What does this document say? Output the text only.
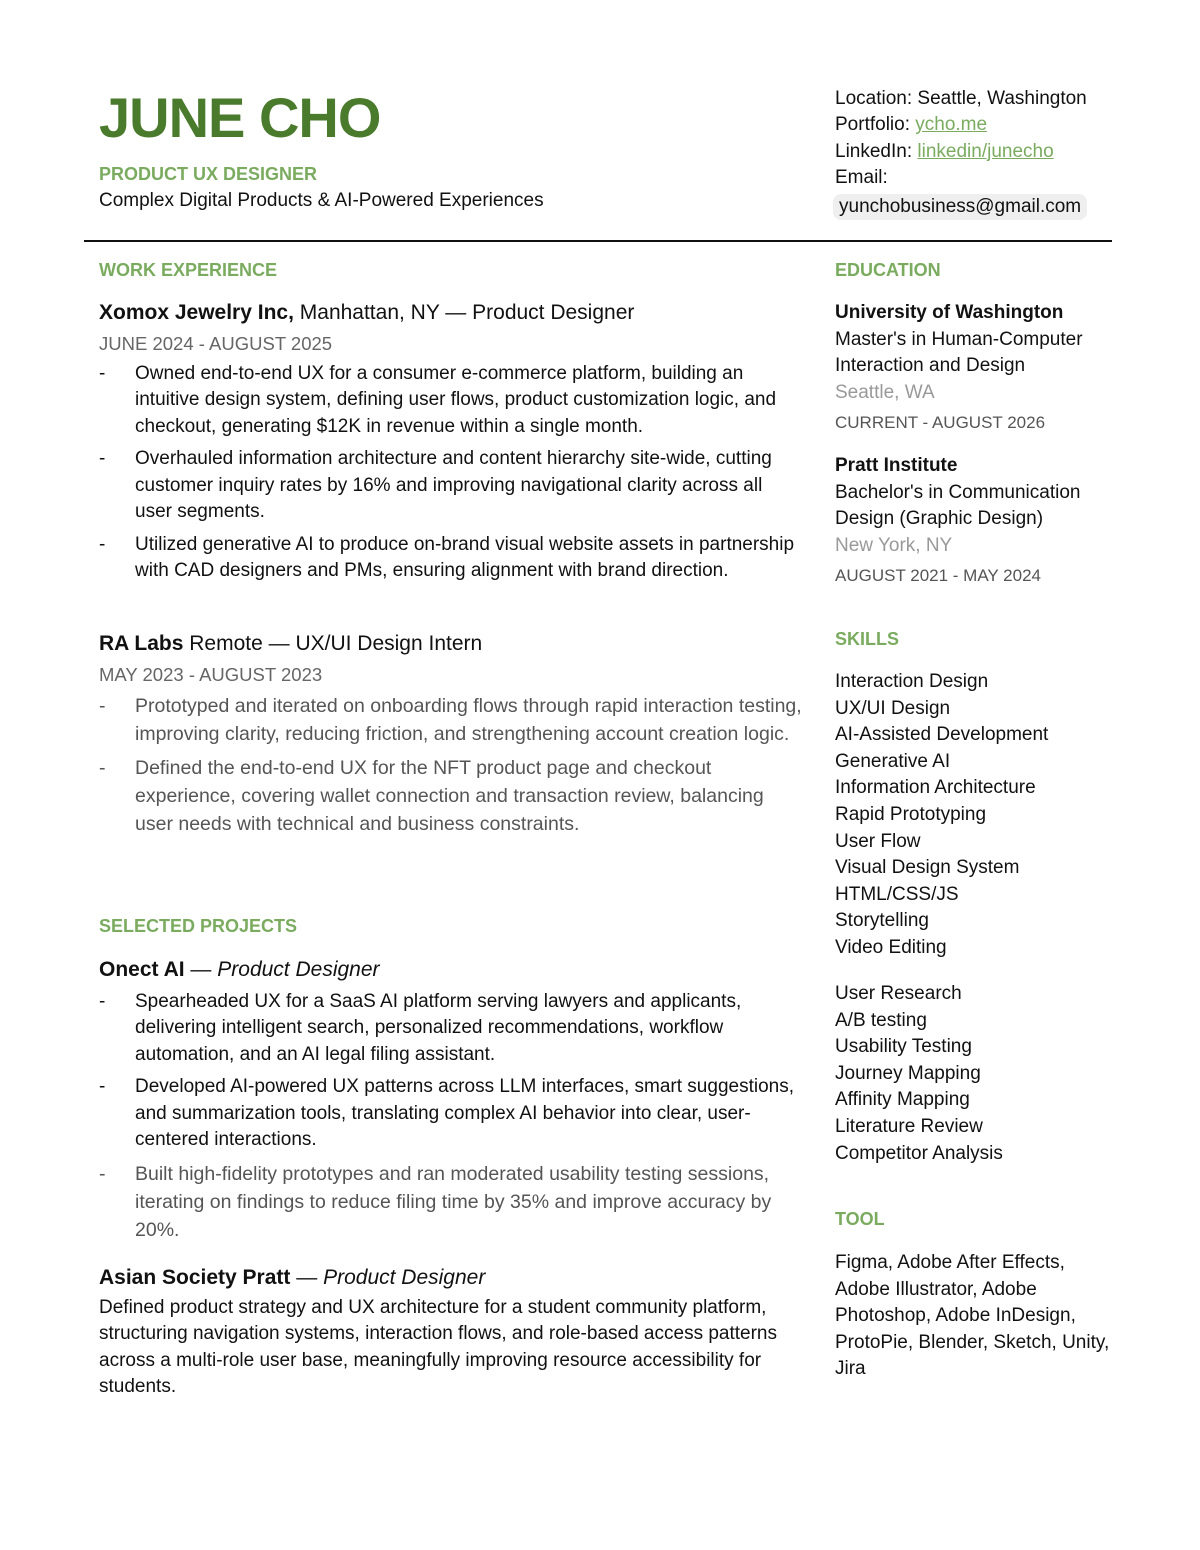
JUNE CHO
PRODUCT UX DESIGNER
Complex Digital Products & AI-Powered Experiences
Location: Seattle, Washington
Portfolio: ycho.me
LinkedIn: linkedin/junecho
Email:
yunchobusiness@gmail.com
WORK EXPERIENCE
Xomox Jewelry Inc, Manhattan, NY — Product Designer
JUNE 2024 - AUGUST 2025
- Owned end-to-end UX for a consumer e-commerce platform, building an intuitive design system, defining user flows, product customization logic, and checkout, generating $12K in revenue within a single month.
- Overhauled information architecture and content hierarchy site-wide, cutting customer inquiry rates by 16% and improving navigational clarity across all user segments.
- Utilized generative AI to produce on-brand visual website assets in partnership with CAD designers and PMs, ensuring alignment with brand direction.
RA Labs Remote — UX/UI Design Intern
MAY 2023 - AUGUST 2023
- Prototyped and iterated on onboarding flows through rapid interaction testing, improving clarity, reducing friction, and strengthening account creation logic.
- Defined the end-to-end UX for the NFT product page and checkout experience, covering wallet connection and transaction review, balancing user needs with technical and business constraints.
SELECTED PROJECTS
Onect AI — Product Designer
- Spearheaded UX for a SaaS AI platform serving lawyers and applicants, delivering intelligent search, personalized recommendations, workflow automation, and an AI legal filing assistant.
- Developed AI-powered UX patterns across LLM interfaces, smart suggestions, and summarization tools, translating complex AI behavior into clear, user-centered interactions.
- Built high-fidelity prototypes and ran moderated usability testing sessions, iterating on findings to reduce filing time by 35% and improve accuracy by 20%.
Asian Society Pratt — Product Designer
Defined product strategy and UX architecture for a student community platform, structuring navigation systems, interaction flows, and role-based access patterns across a multi-role user base, meaningfully improving resource accessibility for students.
EDUCATION
University of Washington
Master's in Human-Computer Interaction and Design
Seattle, WA
CURRENT - AUGUST 2026
Pratt Institute
Bachelor's in Communication Design (Graphic Design)
New York, NY
AUGUST 2021 - MAY 2024
SKILLS
Interaction Design
UX/UI Design
AI-Assisted Development
Generative AI
Information Architecture
Rapid Prototyping
User Flow
Visual Design System
HTML/CSS/JS
Storytelling
Video Editing
User Research
A/B testing
Usability Testing
Journey Mapping
Affinity Mapping
Literature Review
Competitor Analysis
TOOL
Figma, Adobe After Effects, Adobe Illustrator, Adobe Photoshop, Adobe InDesign, ProtoPie, Blender, Sketch, Unity, Jira
